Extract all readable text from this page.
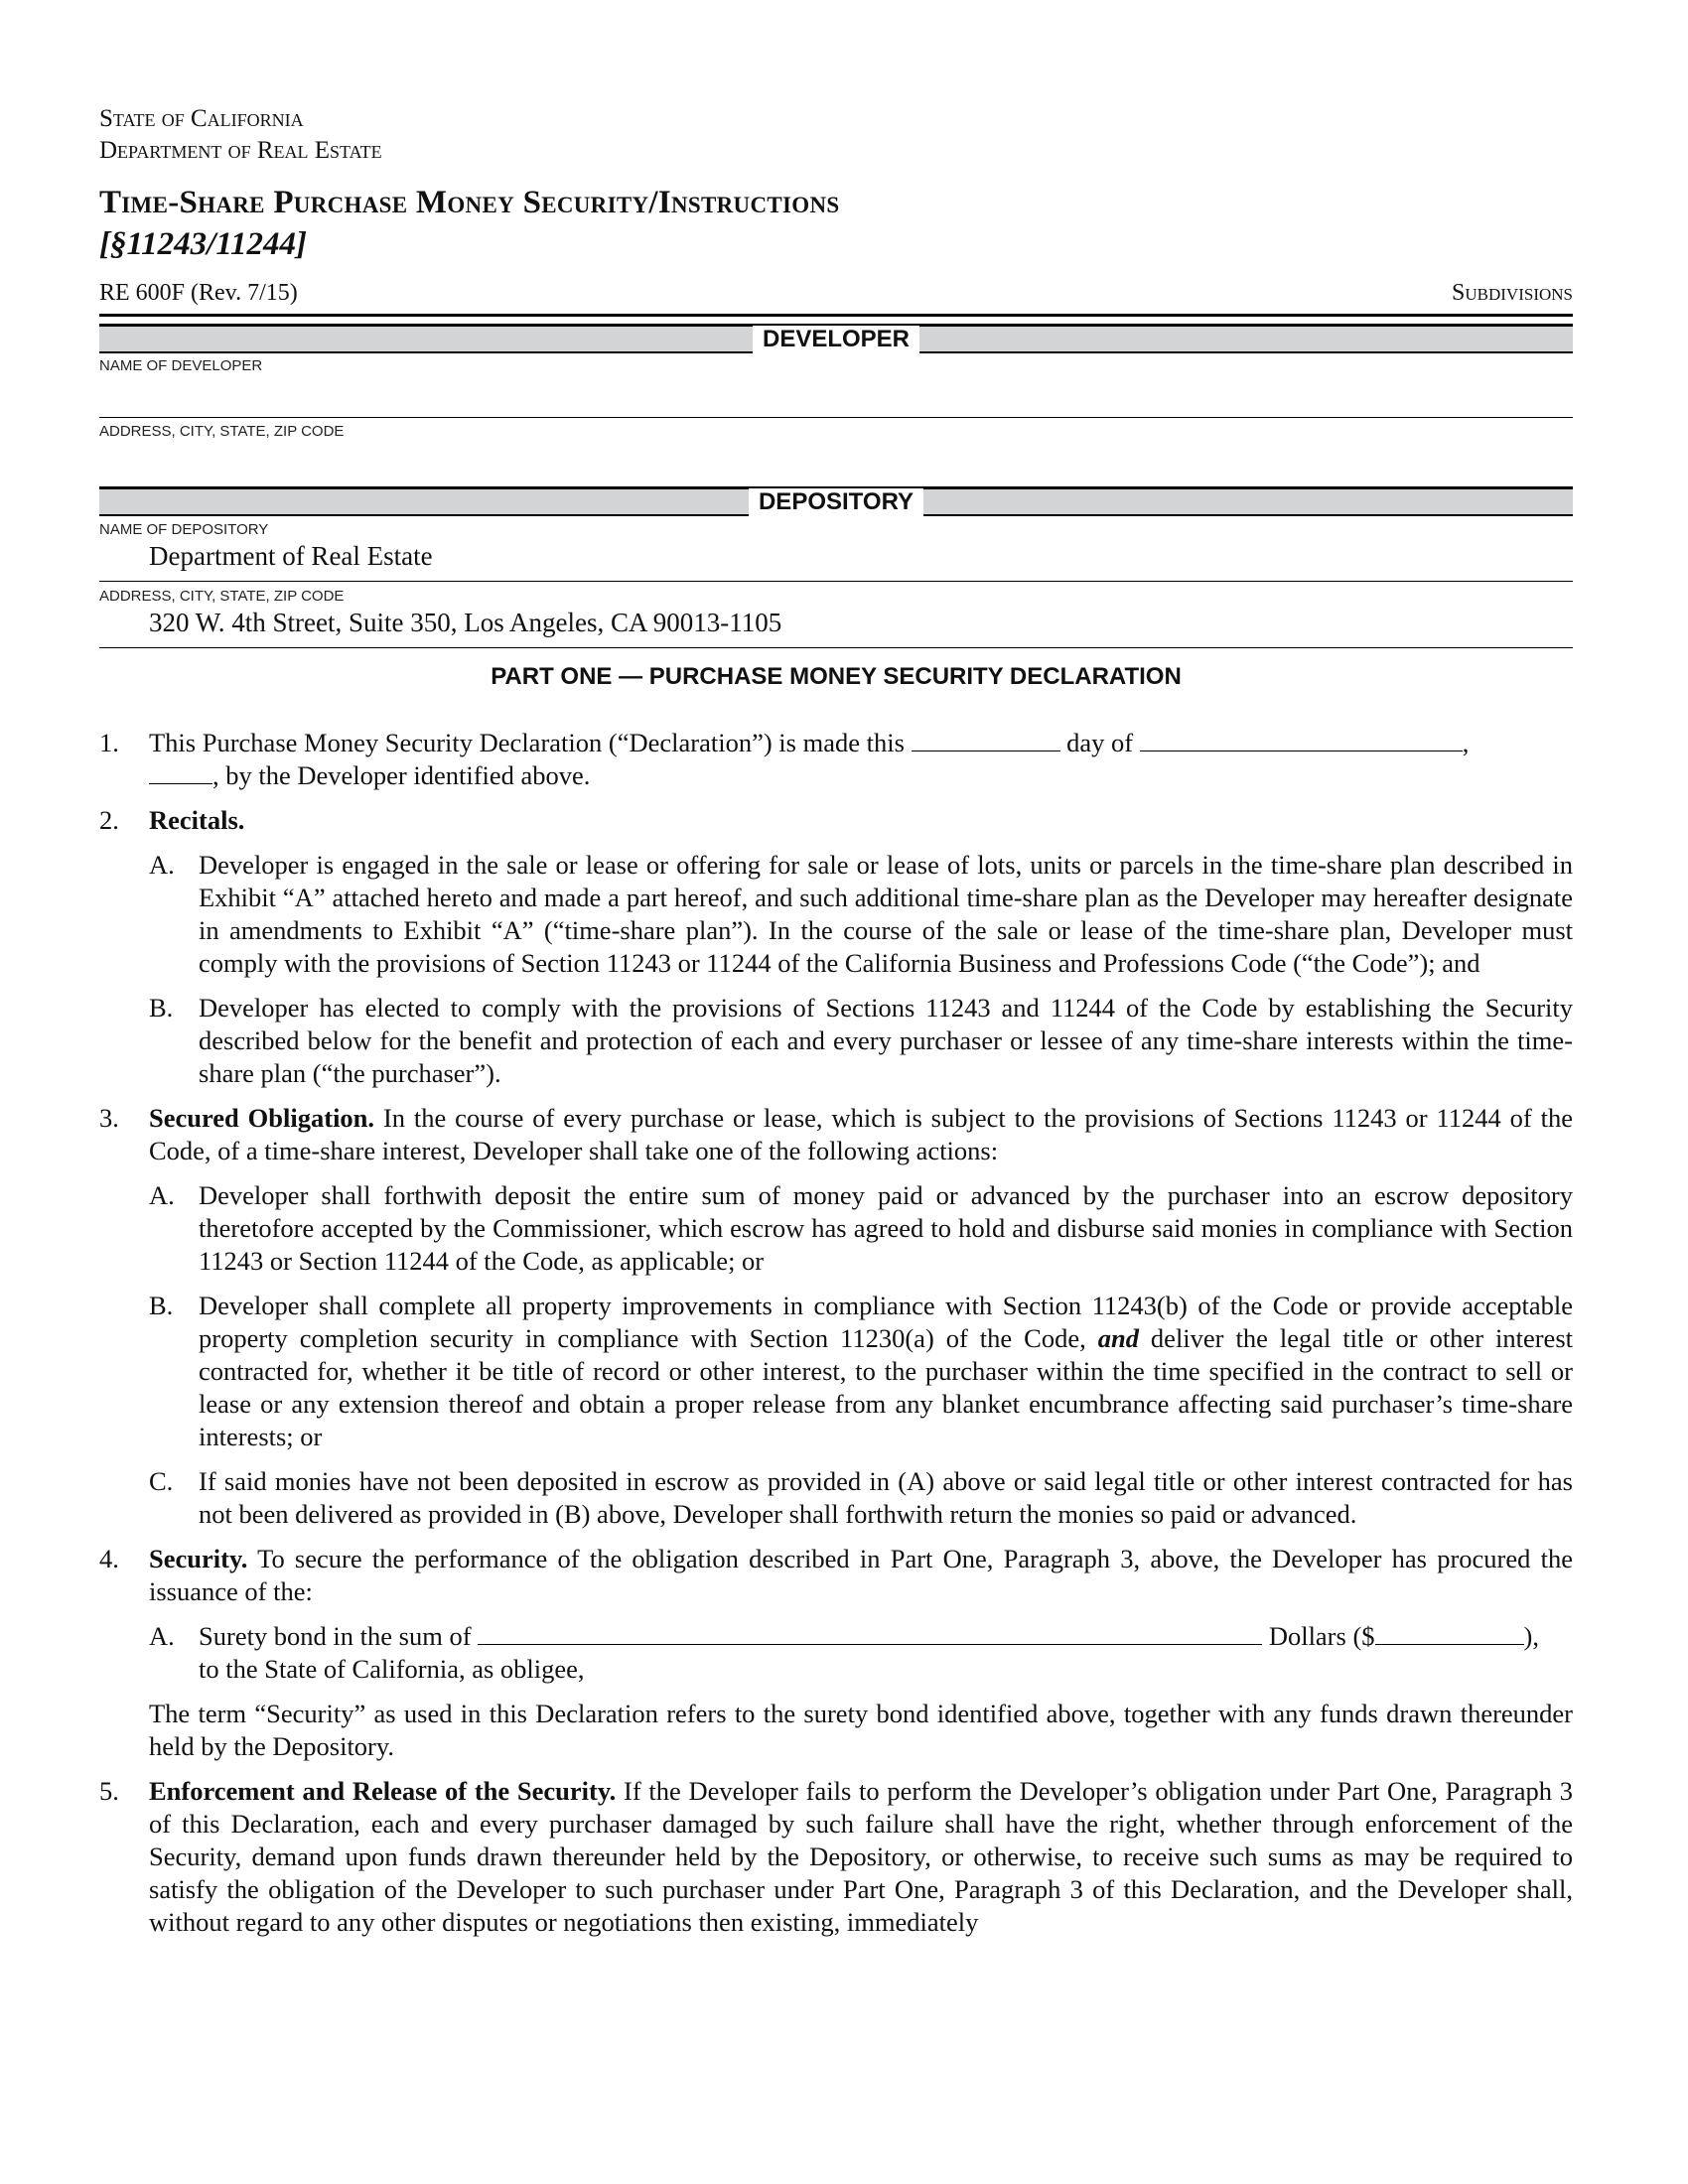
State of California
Department of Real Estate
Time-Share Purchase Money Security/Instructions
[§11243/11244]
RE 600F (Rev. 7/15)	Subdivisions
DEVELOPER
NAME OF DEVELOPER
ADDRESS, CITY, STATE, ZIP CODE
DEPOSITORY
NAME OF DEPOSITORY
Department of Real Estate
ADDRESS, CITY, STATE, ZIP CODE
320 W. 4th Street, Suite 350, Los Angeles, CA 90013-1105
PART ONE — PURCHASE MONEY SECURITY DECLARATION
1. This Purchase Money Security Declaration (“Declaration”) is made this	day of	,
, by the Developer identified above.
2. Recitals.
A. Developer is engaged in the sale or lease or offering for sale or lease of lots, units or parcels in the time-share plan described in Exhibit “A” attached hereto and made a part hereof, and such additional time-share plan as the Developer may hereafter designate in amendments to Exhibit “A” (“time-share plan”). In the course of the sale or lease of the time-share plan, Developer must comply with the provisions of Section 11243 or 11244 of the California Business and Professions Code (“the Code”); and
B. Developer has elected to comply with the provisions of Sections 11243 and 11244 of the Code by establishing the Security described below for the benefit and protection of each and every purchaser or lessee of any time-share interests within the time-share plan (“the purchaser”).
3. Secured Obligation. In the course of every purchase or lease, which is subject to the provisions of Sections 11243 or 11244 of the Code, of a time-share interest, Developer shall take one of the following actions:
A. Developer shall forthwith deposit the entire sum of money paid or advanced by the purchaser into an escrow depository theretofore accepted by the Commissioner, which escrow has agreed to hold and disburse said monies in compliance with Section 11243 or Section 11244 of the Code, as applicable; or
B. Developer shall complete all property improvements in compliance with Section 11243(b) of the Code or provide acceptable property completion security in compliance with Section 11230(a) of the Code, and deliver the legal title or other interest contracted for, whether it be title of record or other interest, to the purchaser within the time specified in the contract to sell or lease or any extension thereof and obtain a proper release from any blanket encumbrance affecting said purchaser’s time-share interests; or
C. If said monies have not been deposited in escrow as provided in (A) above or said legal title or other interest contracted for has not been delivered as provided in (B) above, Developer shall forthwith return the monies so paid or advanced.
4. Security. To secure the performance of the obligation described in Part One, Paragraph 3, above, the Developer has procured the issuance of the:
A. Surety bond in the sum of	Dollars ($	),
to the State of California, as obligee,
The term “Security” as used in this Declaration refers to the surety bond identified above, together with any funds drawn thereunder held by the Depository.
5. Enforcement and Release of the Security. If the Developer fails to perform the Developer’s obligation under Part One, Paragraph 3 of this Declaration, each and every purchaser damaged by such failure shall have the right, whether through enforcement of the Security, demand upon funds drawn thereunder held by the Depository, or otherwise, to receive such sums as may be required to satisfy the obligation of the Developer to such purchaser under Part One, Paragraph 3 of this Declaration, and the Developer shall, without regard to any other disputes or negotiations then existing, immediately
